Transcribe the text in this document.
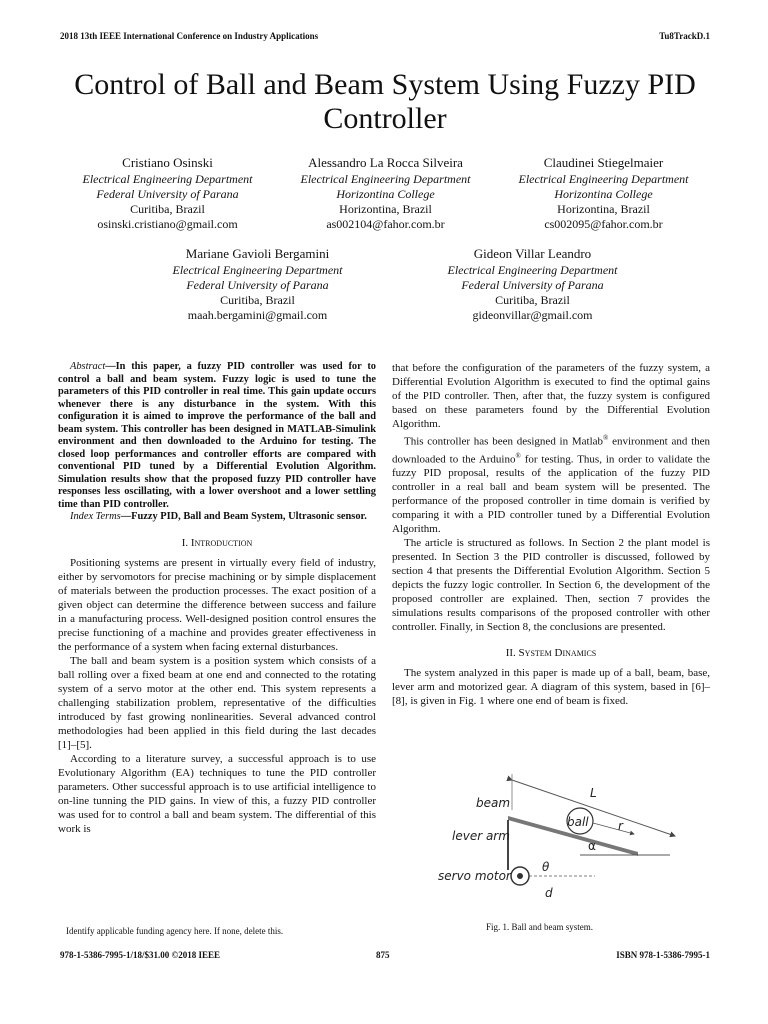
2018 13th IEEE International Conference on Industry Applications	Tu8TrackD.1
Control of Ball and Beam System Using Fuzzy PID Controller
Cristiano Osinski
Electrical Engineering Department
Federal University of Parana
Curitiba, Brazil
osinski.cristiano@gmail.com
Alessandro La Rocca Silveira
Electrical Engineering Department
Horizontina College
Horizontina, Brazil
as002104@fahor.com.br
Claudinei Stiegelmaier
Electrical Engineering Department
Horizontina College
Horizontina, Brazil
cs002095@fahor.com.br
Mariane Gavioli Bergamini
Electrical Engineering Department
Federal University of Parana
Curitiba, Brazil
maah.bergamini@gmail.com
Gideon Villar Leandro
Electrical Engineering Department
Federal University of Parana
Curitiba, Brazil
gideonvillar@gmail.com
Abstract—In this paper, a fuzzy PID controller was used for to control a ball and beam system. Fuzzy logic is used to tune the parameters of this PID controller in real time. This gain update occurs whenever there is any disturbance in the system. With this configuration it is aimed to improve the performance of the ball and beam system. This controller has been designed in MATLAB-Simulink environment and then downloaded to the Arduino for testing. The closed loop performances and controller efforts are compared with conventional PID tuned by a Differential Evolution Algorithm. Simulation results show that the proposed fuzzy PID controller have responses less oscillating, with a lower overshoot and a lower settling time than PID controller.
Index Terms—Fuzzy PID, Ball and Beam System, Ultrasonic sensor.
I. Introduction

Positioning systems are present in virtually every field of industry, either by servomotors for precise machining or by simple displacement of materials between the production processes. The exact position of a given object can determine the difference between success and failure in a manufacturing process. Well-designed position control ensures the precise functioning of a machine and provides greater effectiveness in the performance of a system when facing external disturbances.

The ball and beam system is a position system which consists of a ball rolling over a fixed beam at one end and connected to the rotating system of a servo motor at the other end. This system represents a challenging stabilization problem, representative of the difficulties introduced by fast growing nonlinearities. Several advanced control methodologies had been applied in this field during the last decades [1]–[5].

According to a literature survey, a successful approach is to use Evolutionary Algorithm (EA) techniques to tune the PID controller parameters. Other successful approach is to use artificial intelligence to on-line tunning the PID gains. In view of this, a fuzzy PID controller was used for to control a ball and beam system. The differential of this work is

that before the configuration of the parameters of the fuzzy system, a Differential Evolution Algorithm is executed to find the optimal gains of the PID controller. Then, after that, the fuzzy system is configured based on these parameters found by the Differential Evolution Algorithm.

This controller has been designed in Matlab® environment and then downloaded to the Arduino® for testing. Thus, in order to validate the fuzzy PID proposal, results of the application of the fuzzy PID controller in a real ball and beam system will be presented. The performance of the proposed controller in time domain is verified by comparing it with a PID controller tuned by a Differential Evolution Algorithm.

The article is structured as follows. In Section 2 the plant model is presented. In Section 3 the PID controller is discussed, followed by section 4 that presents the Differential Evolution Algorithm. Section 5 depicts the fuzzy logic controller. In Section 6, the development of the proposed controller are explained. Then, section 7 provides the simulations results comparisons of the proposed controller with other controller. Finally, in Section 8, the conclusions are presented.

II. System Dinamics

The system analyzed in this paper is made up of a ball, beam, base, lever arm and motorized gear. A diagram of this system, based in [6]–[8], is given in Fig. 1 where one end of beam is fixed.

L
ball r
α
θ
d
beam
lever arm
servo motor
Fig. 1. Ball and beam system.
Identify applicable funding agency here. If none, delete this.
978-1-5386-7995-1/18/$31.00 ©2018 IEEE	875	ISBN 978-1-5386-7995-1
